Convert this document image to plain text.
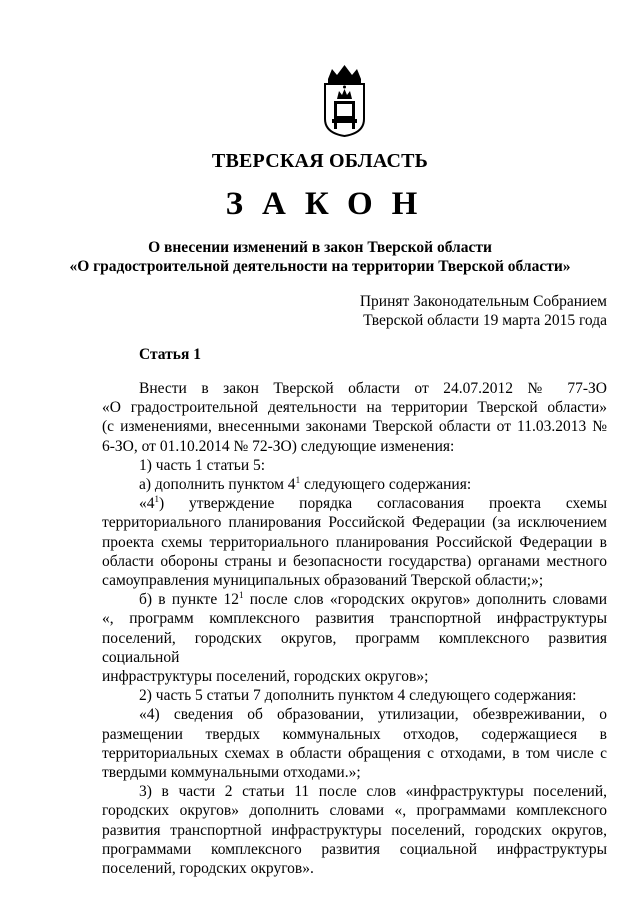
ТВЕРСКАЯ ОБЛАСТЬ
ЗАКОН
О внесении изменений в закон Тверской области
«О градостроительной деятельности на территории Тверской области»
Принят Законодательным Собранием
Тверской области 19 марта 2015 года
Статья 1

Внести в закон Тверской области от 24.07.2012 № 77-ЗО

«О градостроительной деятельности на территории Тверской области»

(с изменениями, внесенными законами Тверской области от 11.03.2013 №

6-ЗО, от 01.10.2014 № 72-ЗО) следующие изменения:

1) часть 1 статьи 5:

а) дополнить пунктом $4^1$ следующего содержания:

«$4^1$) утверждение порядка согласования проекта схемы

территориального планирования Российской Федерации (за исключением

проекта схемы территориального планирования Российской Федерации в

области обороны страны и безопасности государства) органами местного

самоуправления муниципальных образований Тверской области;»;

б) в пункте $12^1$ после слов «городских округов» дополнить словами

«, программ комплексного развития транспортной инфраструктуры

поселений, городских округов, программ комплексного развития социальной

инфраструктуры поселений, городских округов»;

2) часть 5 статьи 7 дополнить пунктом 4 следующего содержания:

«4) сведения об образовании, утилизации, обезвреживании, о

размещении твердых коммунальных отходов, содержащиеся в

территориальных схемах в области обращения с отходами, в том числе с

твердыми коммунальными отходами.»;

3) в части 2 статьи 11 после слов «инфраструктуры поселений,

городских округов» дополнить словами «, программами комплексного

развития транспортной инфраструктуры поселений, городских округов,

программами комплексного развития социальной инфраструктуры

поселений, городских округов».
